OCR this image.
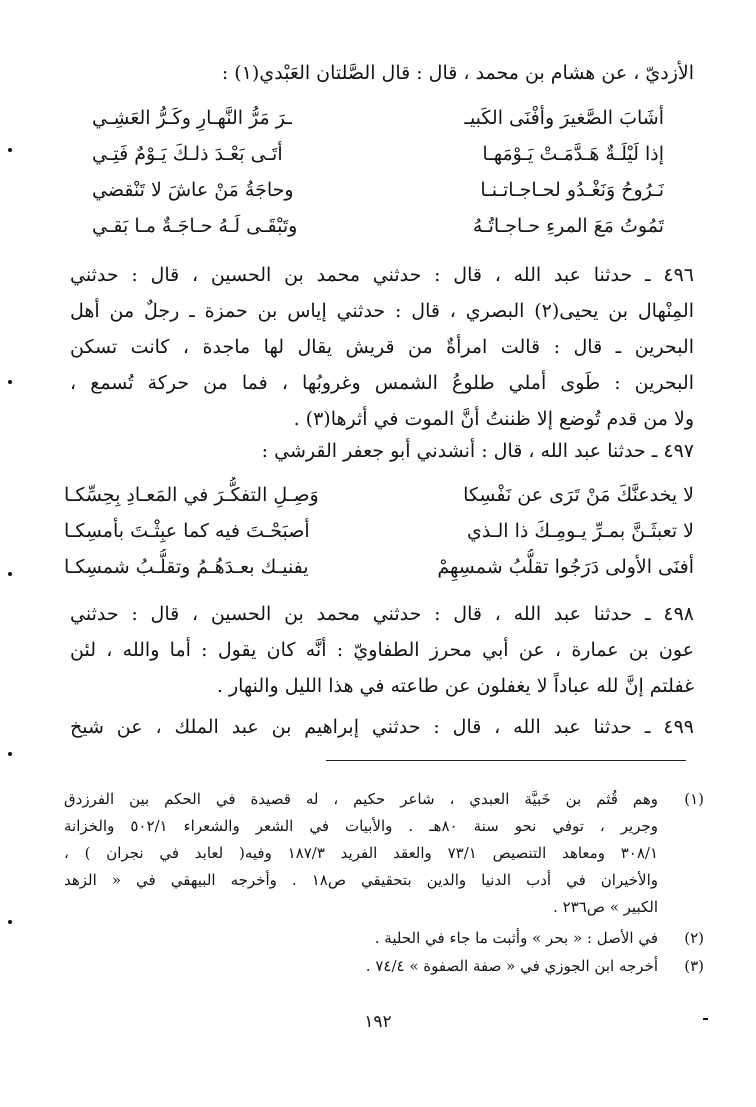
الأزديّ ، عن هشام بن محمد ، قال : قال الصَّلتان العَبْدي(١) :
أشَابَ الصَّغيرَ وأفْنَى الكَبيـ
ـرَ مَرُّ النَّهـارِ وكَـرُّ العَشِـي
إذا لَيْلَـةٌ هَـدَّمَـتْ يَـوْمَهـا
أتَـى بَعْـدَ ذلـكَ يَـوْمٌ فَتِـي
نَـرُوحُ وَنَغْـدُو لحـاجـاتـنـا
وحاجَةُ مَنْ عاشَ لا تَنْقضي
تَمُوتُ مَعَ المرءِ حـاجـاتُـهُ
وتَبْقَـى لَـهُ حـاجَـةٌ مـا بَقـي
٤٩٦ ـ حدثنا عبد الله ، قال : حدثني محمد بن الحسين ، قال : حدثني
المِنْهال بن يحيى(٢) البصري ، قال : حدثني إياس بن حمزة ـ رجلٌ من أهل
البحرين ـ قال : قالت امرأةٌ من قريش يقال لها ماجدة ، كانت تسكن
البحرين : طَوى أملي طلوعُ الشمس وغروبُها ، فما من حركة تُسمع ،
ولا من قدم تُوضع إلا ظننتُ أنَّ الموت في أثرها(٣) .
٤٩٧ ـ حدثنا عبد الله ، قال : أنشدني أبو جعفر القرشي :
لا يخدعنَّكَ مَنْ تَرَى عن نَفْسِكا
وَصِـلِ التفكُّـرَ في المَعـادِ بِحِسِّكـا
لا تعبثَـنَّ بمـرِّ يـومِـكَ ذا الـذي
أصبَحْـتَ فيه كما عبِثْـتَ بأمسِكـا
أفنَى الأولى دَرَجُوا تقلُّبُ شمسِهِمْ
يفنيـك بعـدَهُـمُ وتقلُّـبُ شمسِكـا
٤٩٨ ـ حدثنا عبد الله ، قال : حدثني محمد بن الحسين ، قال : حدثني
عون بن عمارة ، عن أبي محرز الطفاويّ : أنَّه كان يقول : أما والله ، لئن
غفلتم إنَّ لله عباداً لا يغفلون عن طاعته في هذا الليل والنهار .
٤٩٩ ـ حدثنا عبد الله ، قال : حدثني إبراهيم بن عبد الملك ، عن شيخ
(١)
وهم قُثم بن خَبيَّة العبدي ، شاعر حكيم ، له قصيدة في الحكم بين الفرزدق
وجرير ، توفي نحو سنة ٨٠هـ . والأبيات في الشعر والشعراء ٥٠٢/١ والخزانة
٣٠٨/١ ومعاهد التنصيص ٧٣/١ والعقد الفريد ١٨٧/٣ وفيه( لعابد في نجران ) ،
والأخيران في أدب الدنيا والدين بتحقيقي ص١٨ . وأخرجه البيهقي في « الزهد
الكبير » ص٢٣٦ .
(٢)
في الأصل : « بحر » وأثبت ما جاء في الحلية .
(٣)
أخرجه ابن الجوزي في « صفة الصفوة » ٧٤/٤ .
١٩٢
